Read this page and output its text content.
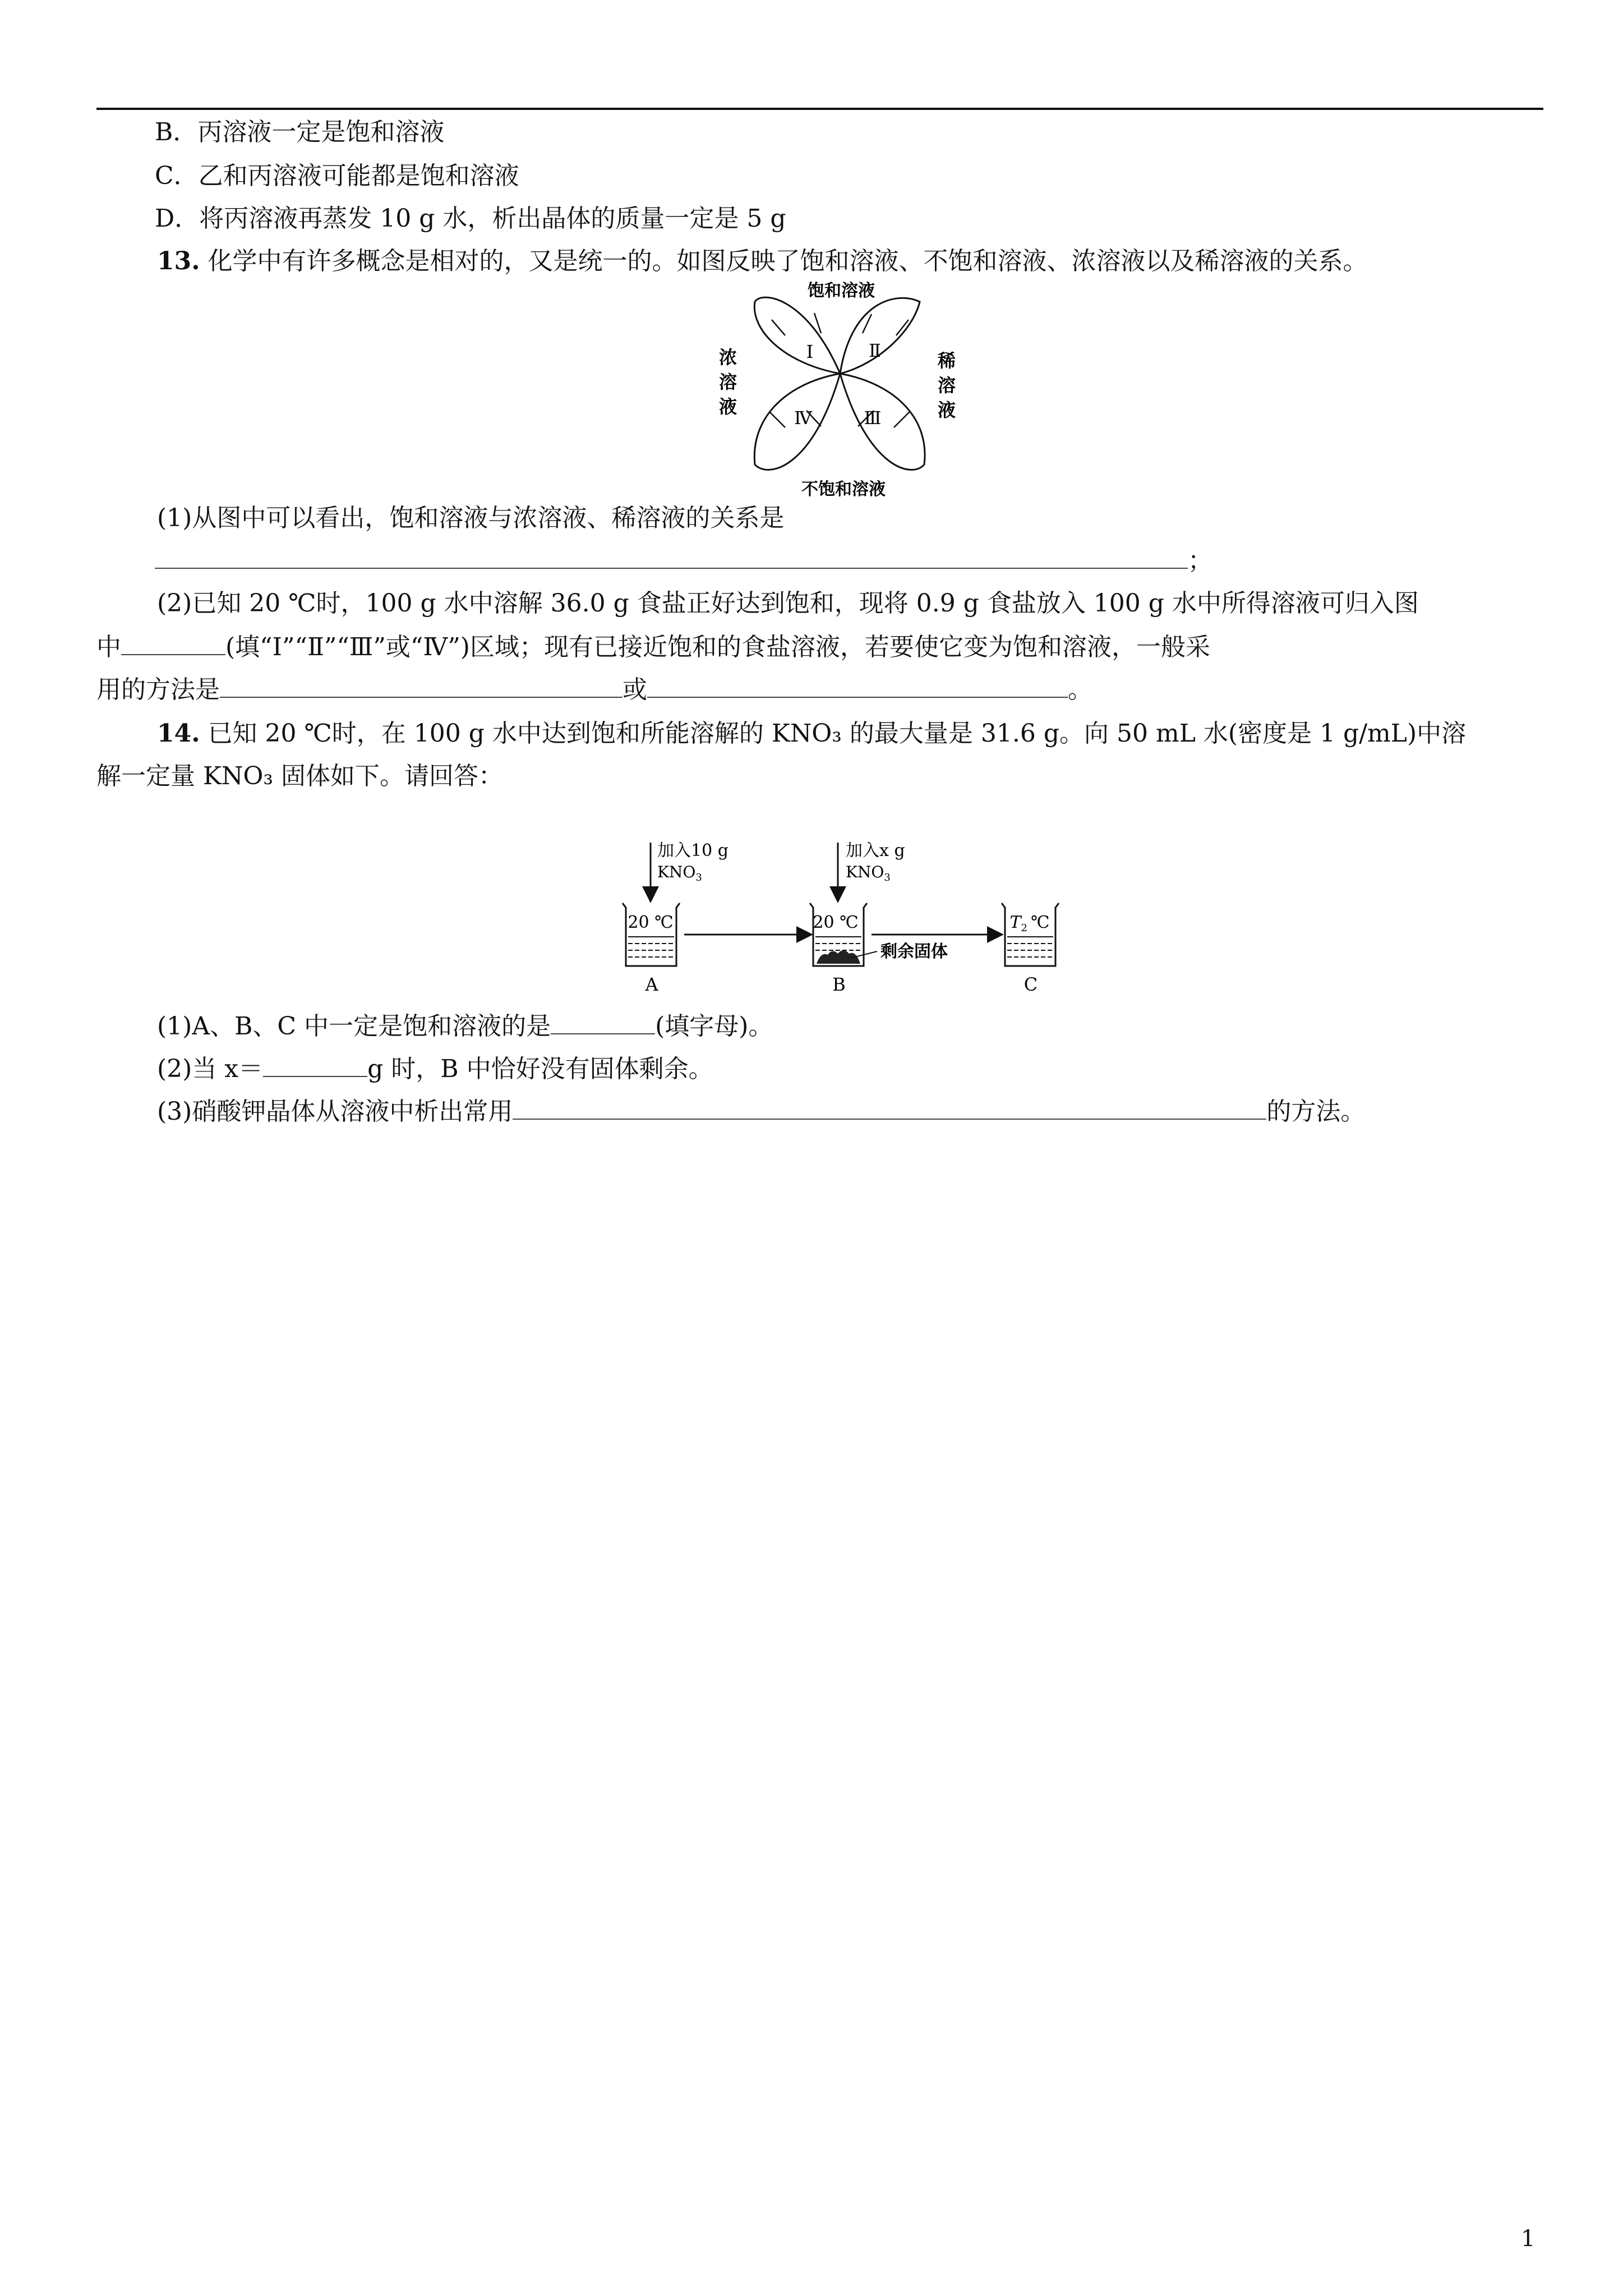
B．丙溶液一定是饱和溶液
C．乙和丙溶液可能都是饱和溶液
D．将丙溶液再蒸发 10 g 水，析出晶体的质量一定是 5 g
13. 化学中有许多概念是相对的，又是统一的。如图反映了饱和溶液、不饱和溶液、浓溶液以及稀溶液的关系。
饱和溶液
不饱和溶液
浓
溶
液
稀
溶
液
Ⅰ	Ⅱ
Ⅲ
Ⅳ
(1)从图中可以看出，饱和溶液与浓溶液、稀溶液的关系是
；
(2)已知 20 ℃时，100 g 水中溶解 36.0 g 食盐正好达到饱和，现将 0.9 g 食盐放入 100 g 水中所得溶液可归入图
中	(填“Ⅰ”“Ⅱ”“Ⅲ”或“Ⅳ”)区域；现有已接近饱和的食盐溶液，若要使它变为饱和溶液，一般采
用的方法是	或	。
14. 已知 20 ℃时，在 100 g 水中达到饱和所能溶解的 KNO₃ 的最大量是 31.6 g。向 50 mL 水(密度是 1 g/mL)中溶
解一定量 KNO₃ 固体如下。请回答：
加入10 g
$KNO_3$
加入x g
$KNO_3$
20 ℃
A
20 ℃
B
剩余固体
$T_2$ ℃
C
(1)A、B、C 中一定是饱和溶液的是	(填字母)。
(2)当 x＝	g 时，B 中恰好没有固体剩余。
(3)硝酸钾晶体从溶液中析出常用	的方法。
1
